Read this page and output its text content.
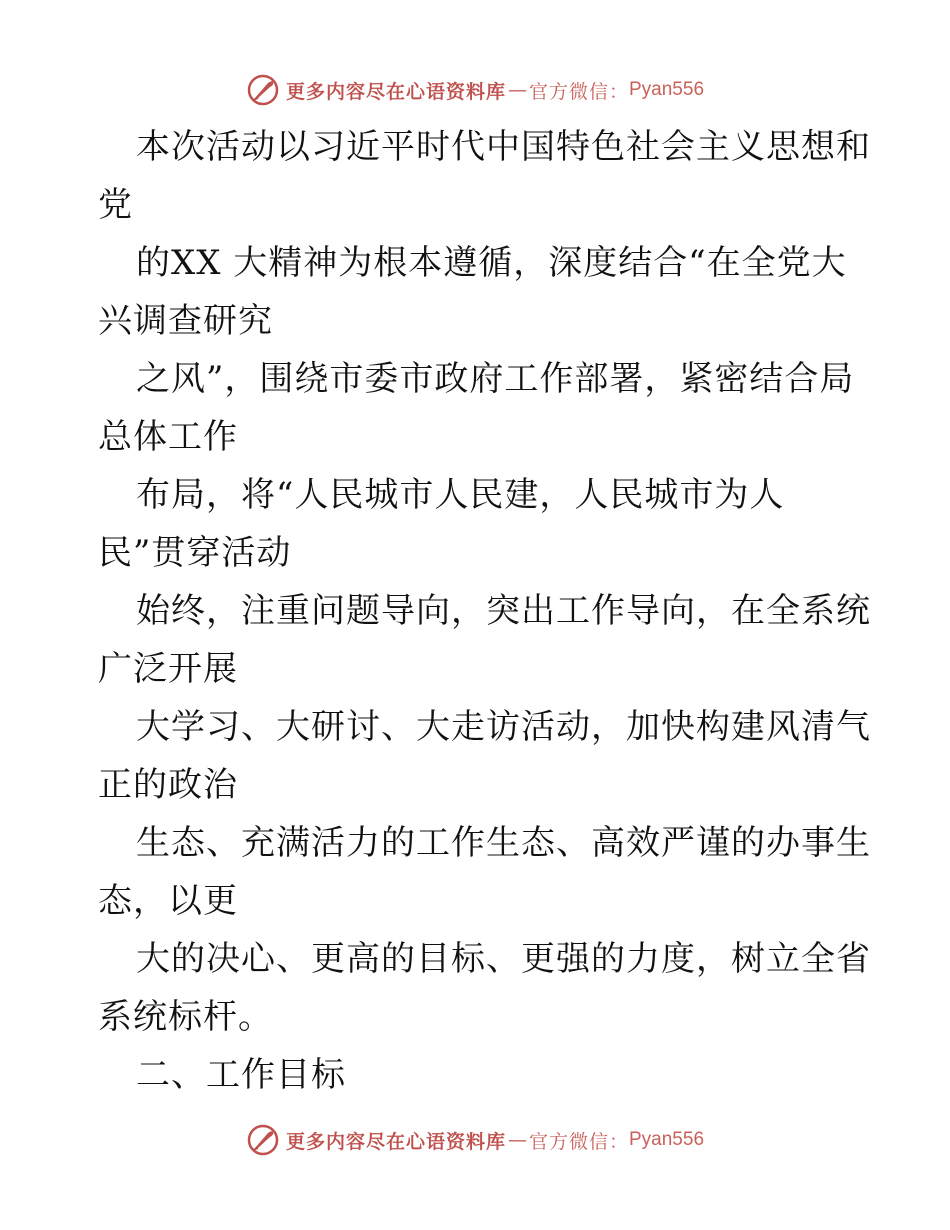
更多内容尽在心语资料库 — 官方微信： Pyan556
本次活动以习近平时代中国特色社会主义思想和
党
的XX 大精神为根本遵循，深度结合“在全党大
兴调查研究
之风”，围绕市委市政府工作部署，紧密结合局
总体工作
布局，将“人民城市人民建，人民城市为人
民”贯穿活动
始终，注重问题导向，突出工作导向，在全系统
广泛开展
大学习、大研讨、大走访活动，加快构建风清气
正的政治
生态、充满活力的工作生态、高效严谨的办事生
态，以更
大的决心、更高的目标、更强的力度，树立全省
系统标杆。
二、工作目标
更多内容尽在心语资料库 — 官方微信： Pyan556
